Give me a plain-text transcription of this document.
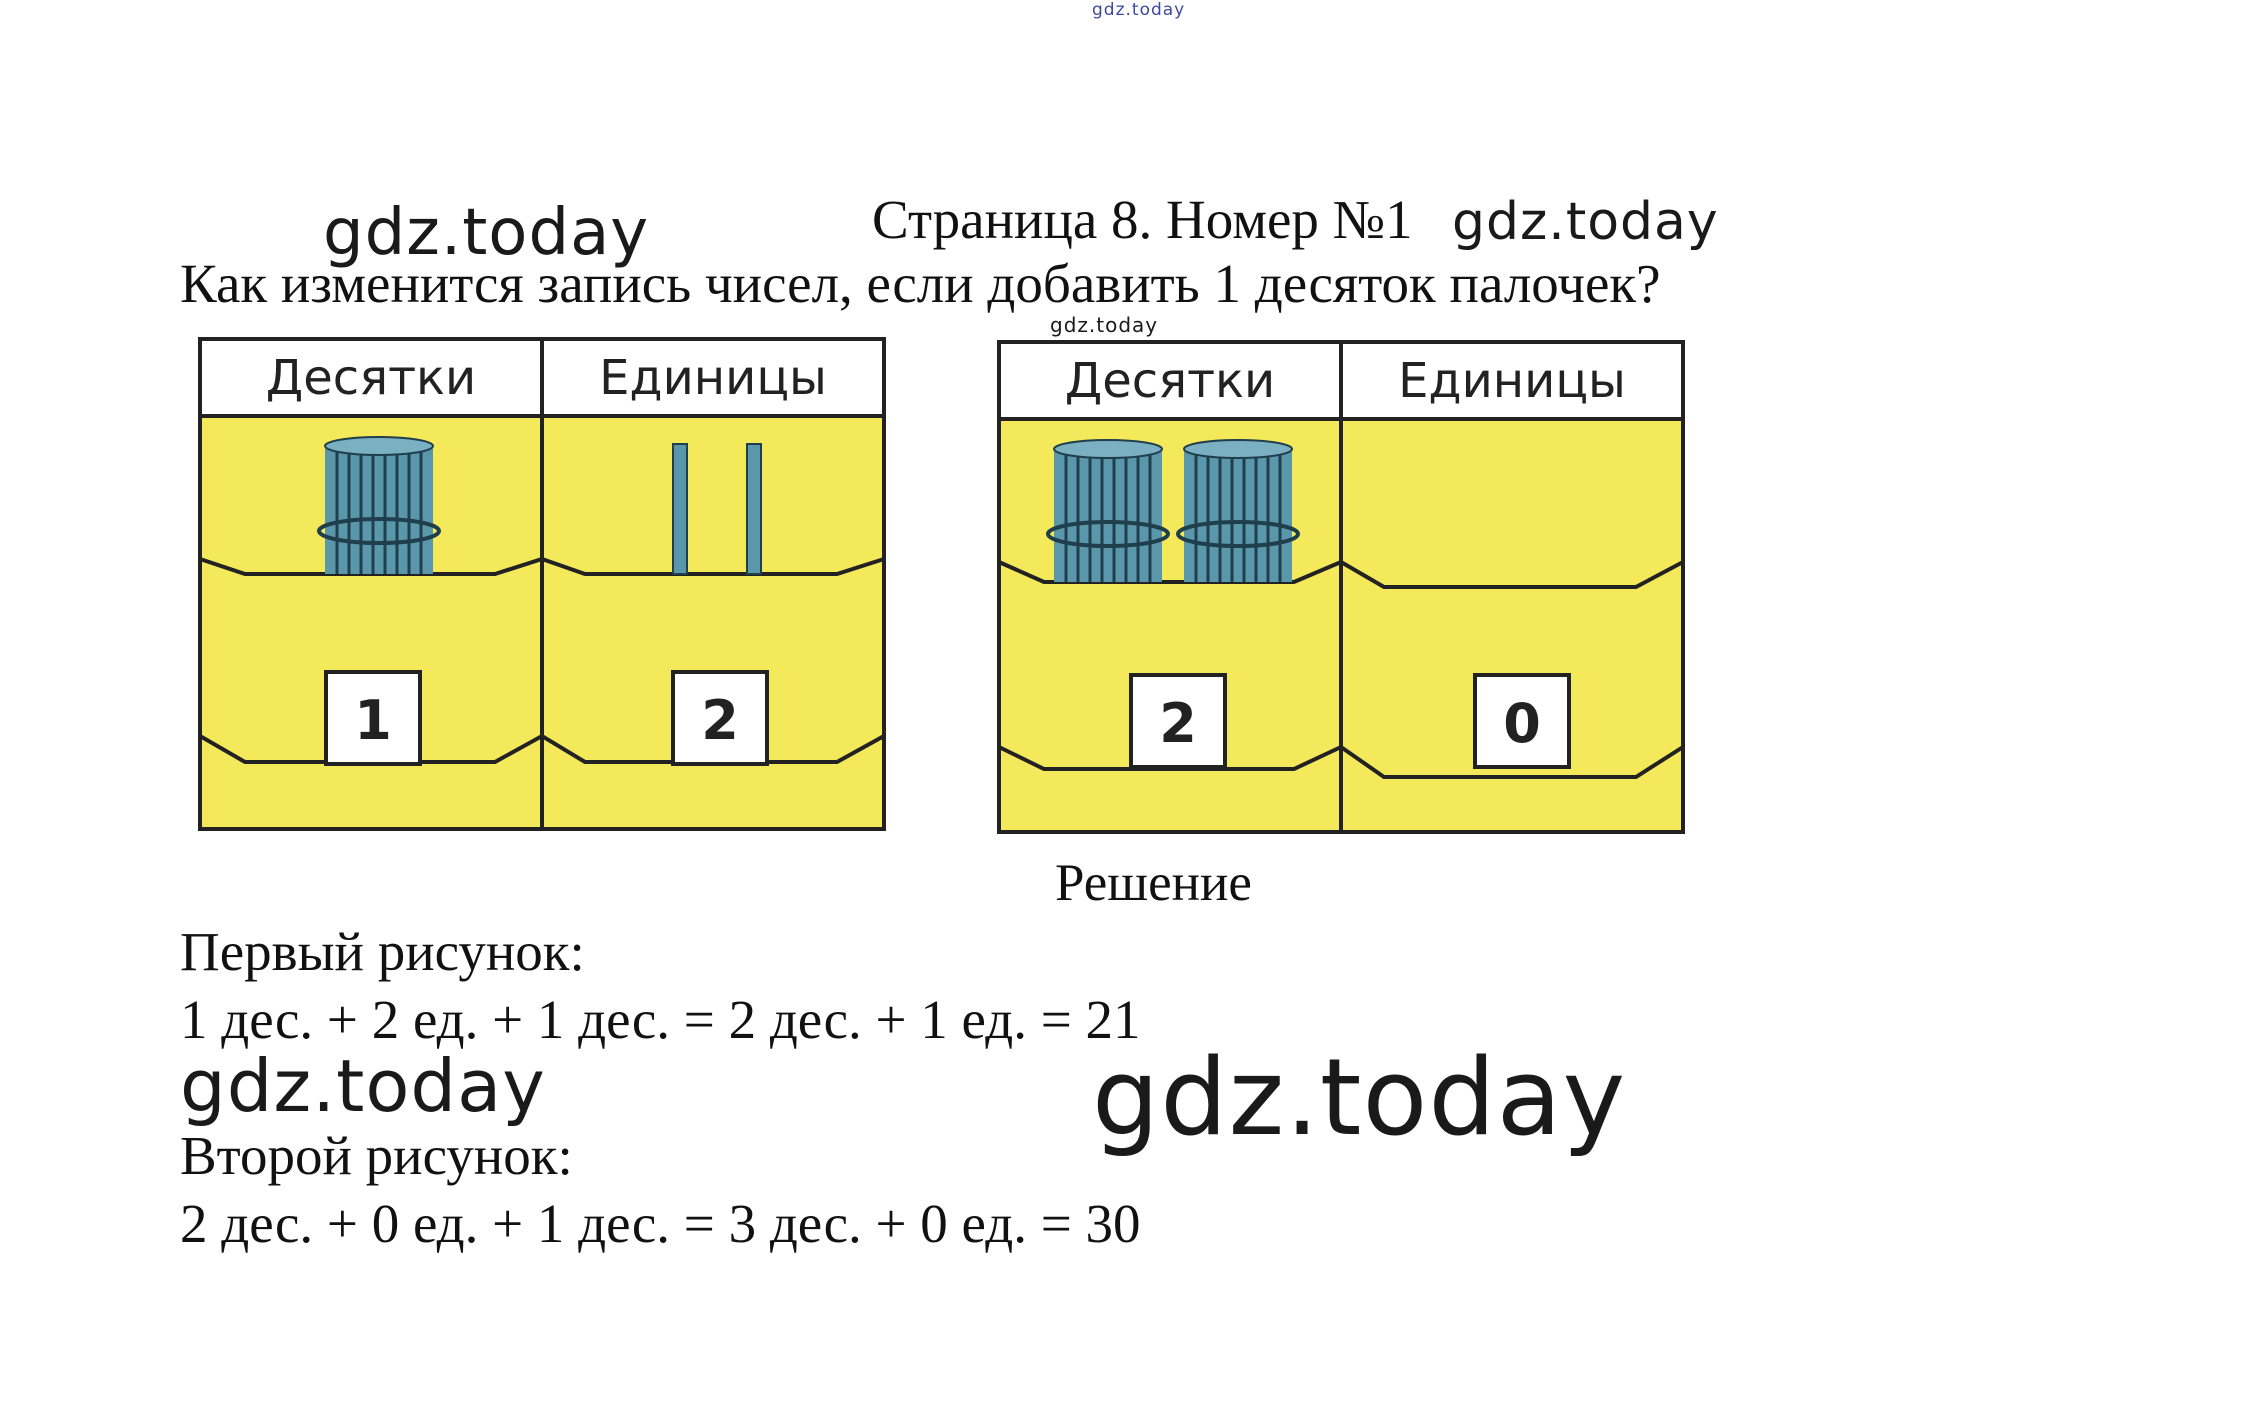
gdz.today
gdz.today	gdz.today
gdz.today
gdz.today	gdz.today
Страница 8. Номер №1
Как изменится запись чисел, если добавить 1 десяток палочек?
Десятки	Единицы
1	2
Десятки	Единицы
2	0
Решение
Первый рисунок:
1 дес. + 2 ед. + 1 дес. = 2 дес. + 1 ед. = 21
Второй рисунок:
2 дес. + 0 ед. + 1 дес. = 3 дес. + 0 ед. = 30
